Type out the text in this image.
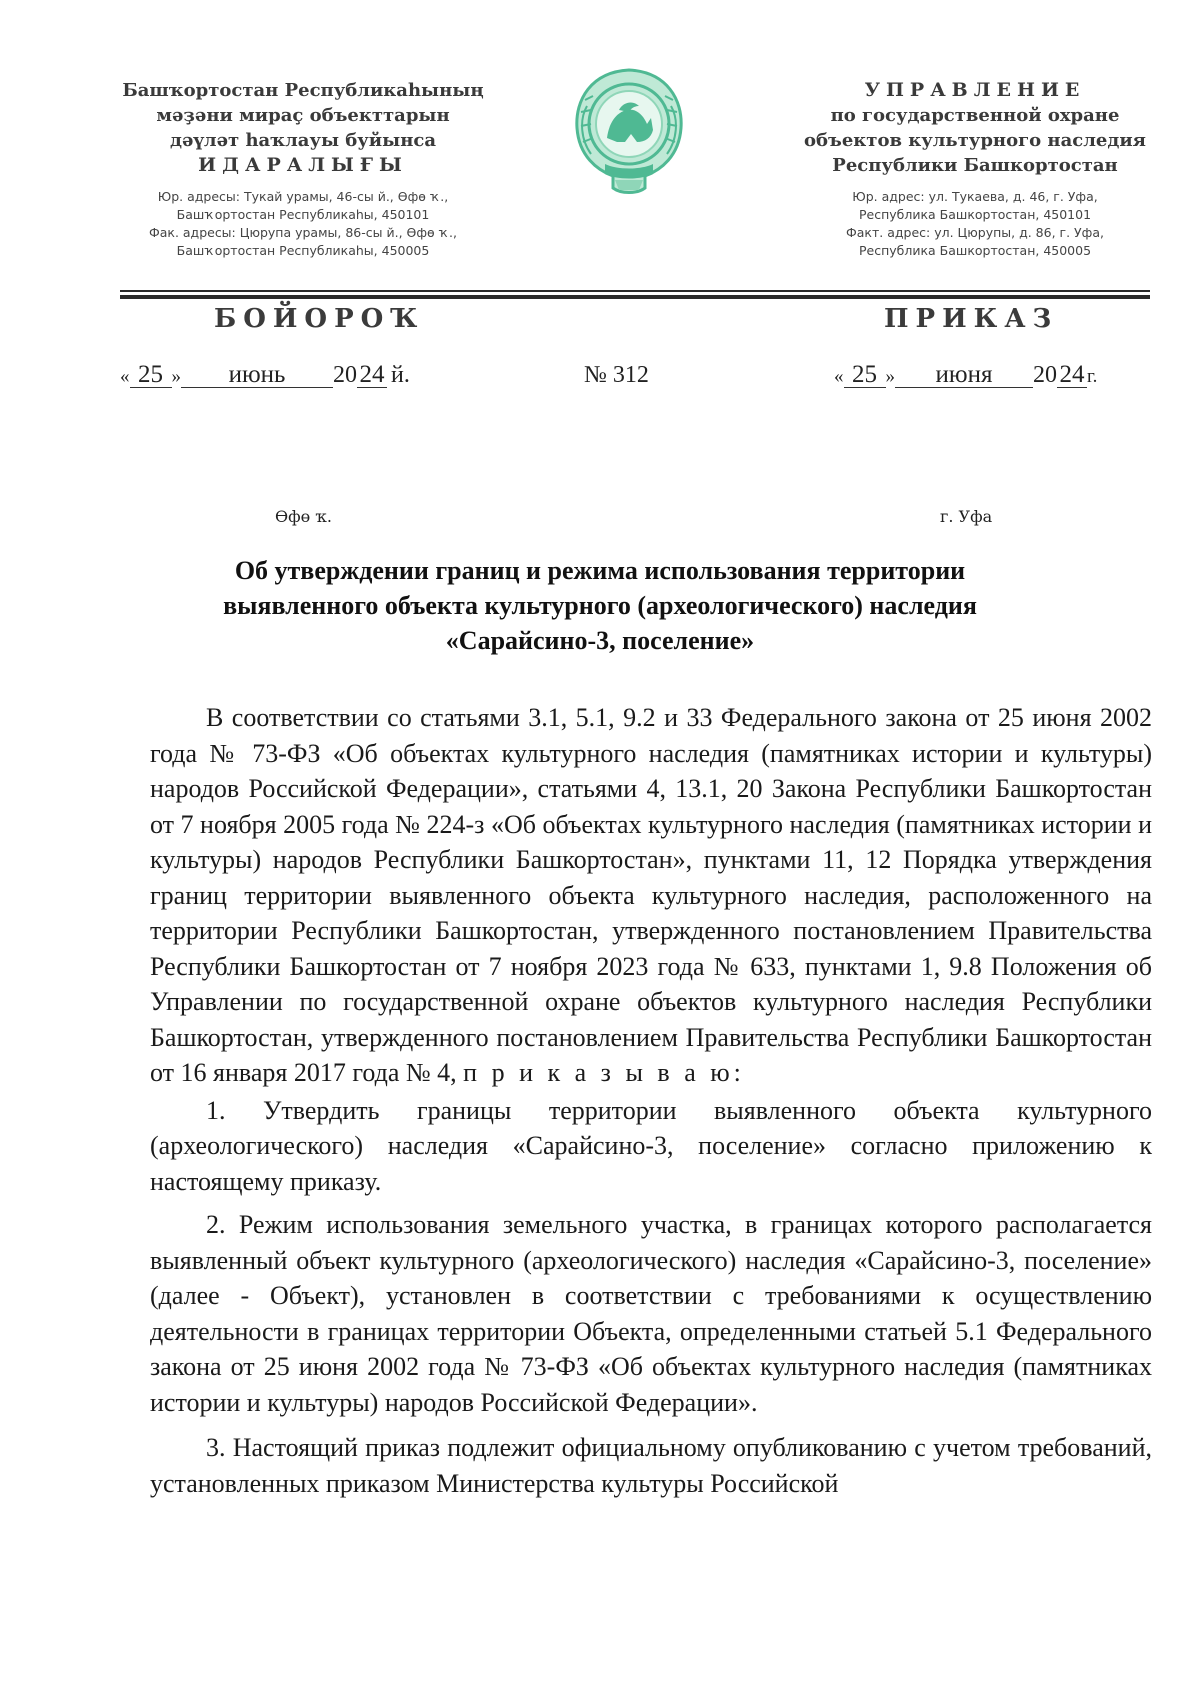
Башҡортостан Республикаһының
мәҙәни мираҫ объекттарын
дәүләт һаҡлауы буйынса
ИДАРАЛЫҒЫ
Юр. адресы: Тукай урамы, 46-сы й., Өфө ҡ.,
Башҡортостан Республикаһы, 450101
Фак. адресы: Цюрупа урамы, 86-сы й., Өфө ҡ.,
Башҡортостан Республикаһы, 450005
УПРАВЛЕНИЕ
по государственной охране
объектов культурного наследия
Республики Башкортостан
Юр. адрес: ул. Тукаева, д. 46, г. Уфа,
Республика Башкортостан, 450101
Факт. адрес: ул. Цюрупы, д. 86, г. Уфа,
Республика Башкортостан, 450005
БОЙОРОҠ	ПРИКАЗ
« 25 » июнь 20 24 й.	№ 312	« 25 » июня 20 24 г.
Өфө ҡ.	г. Уфа
Об утверждении границ и режима использования территории
выявленного объекта культурного (археологического) наследия
«Сарайсино-3, поселение»

В соответствии со статьями 3.1, 5.1, 9.2 и 33 Федерального закона от 25 июня 2002 года № 73-ФЗ «Об объектах культурного наследия (памятниках истории и культуры) народов Российской Федерации», статьями 4, 13.1, 20 Закона Республики Башкортостан от 7 ноября 2005 года № 224-з «Об объектах культурного наследия (памятниках истории и культуры) народов Республики Башкортостан», пунктами 11, 12 Порядка утверждения границ территории выявленного объекта культурного наследия, расположенного на территории Республики Башкортостан, утвержденного постановлением Правительства Республики Башкортостан от 7 ноября 2023 года № 633, пунктами 1, 9.8 Положения об Управлении по государственной охране объектов культурного наследия Республики Башкортостан, утвержденного постановлением Правительства Республики Башкортостан от 16 января 2017 года № 4, п р и к а з ы в а ю:

1. Утвердить границы территории выявленного объекта культурного (археологического) наследия «Сарайсино-3, поселение» согласно приложению к настоящему приказу.

2. Режим использования земельного участка, в границах которого располагается выявленный объект культурного (археологического) наследия «Сарайсино-3, поселение» (далее - Объект), установлен в соответствии с требованиями к осуществлению деятельности в границах территории Объекта, определенными статьей 5.1 Федерального закона от 25 июня 2002 года № 73-ФЗ «Об объектах культурного наследия (памятниках истории и культуры) народов Российской Федерации».

3. Настоящий приказ подлежит официальному опубликованию с учетом требований, установленных приказом Министерства культуры Российской
